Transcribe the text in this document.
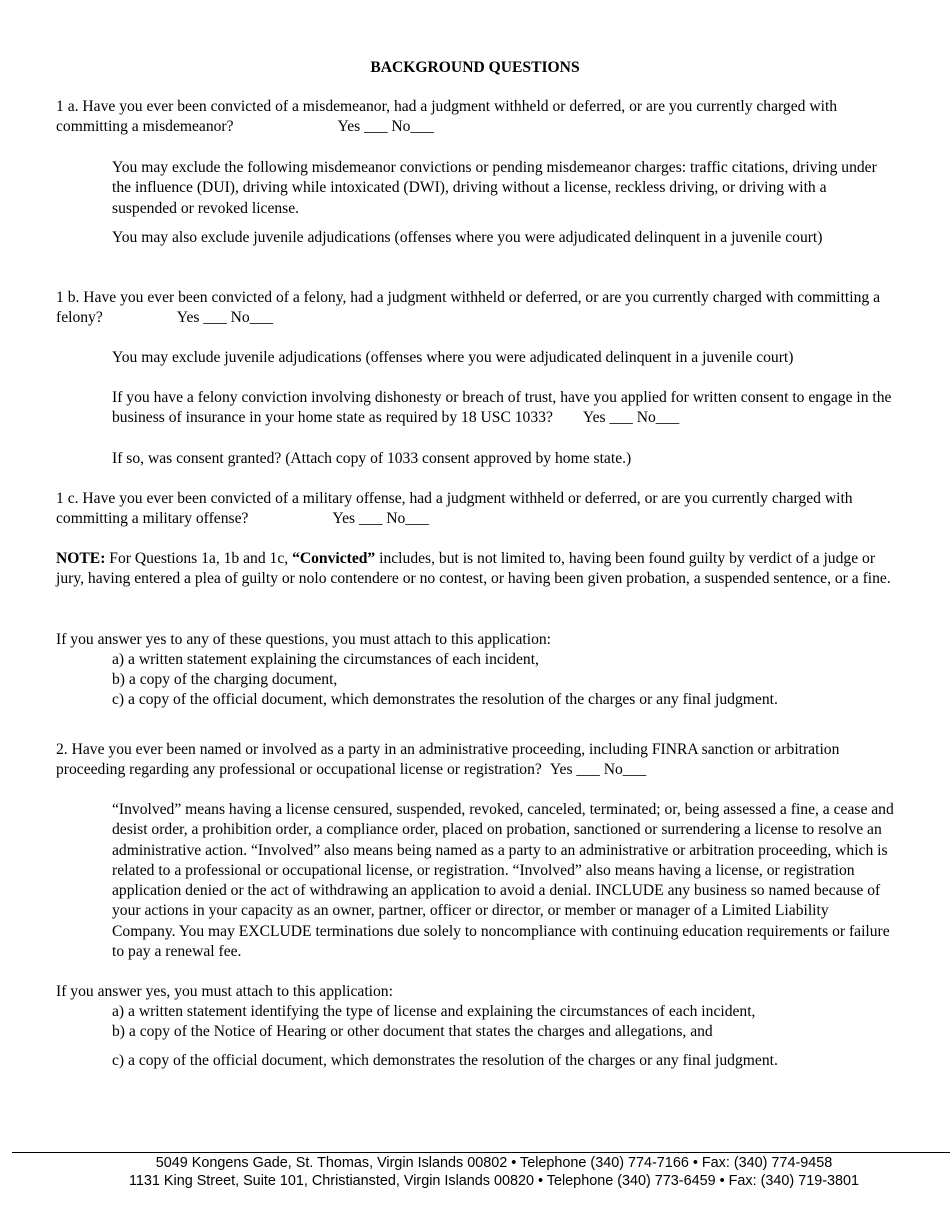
BACKGROUND QUESTIONS
1 a. Have you ever been convicted of a misdemeanor, had a judgment withheld or deferred, or are you currently charged with committing a misdemeanor?	Yes ___ No___
You may exclude the following misdemeanor convictions or pending misdemeanor charges: traffic citations, driving under the influence (DUI), driving while intoxicated (DWI), driving without a license, reckless driving, or driving with a suspended or revoked license.
You may also exclude juvenile adjudications (offenses where you were adjudicated delinquent in a juvenile court)
1 b. Have you ever been convicted of a felony, had a judgment withheld or deferred, or are you currently charged with committing a felony?	Yes ___ No___
You may exclude juvenile adjudications (offenses where you were adjudicated delinquent in a juvenile court)
If you have a felony conviction involving dishonesty or breach of trust, have you applied for written consent to engage in the business of insurance in your home state as required by 18 USC 1033? Yes ___ No___
If so, was consent granted? (Attach copy of 1033 consent approved by home state.)
1 c. Have you ever been convicted of a military offense, had a judgment withheld or deferred, or are you currently charged with committing a military offense?	Yes ___ No___
NOTE: For Questions 1a, 1b and 1c, “Convicted” includes, but is not limited to, having been found guilty by verdict of a judge or jury, having entered a plea of guilty or nolo contendere or no contest, or having been given probation, a suspended sentence, or a fine.
If you answer yes to any of these questions, you must attach to this application:
a) a written statement explaining the circumstances of each incident,
b) a copy of the charging document,
c) a copy of the official document, which demonstrates the resolution of the charges or any final judgment.
2. Have you ever been named or involved as a party in an administrative proceeding, including FINRA sanction or arbitration proceeding regarding any professional or occupational license or registration? Yes ___ No___
“Involved” means having a license censured, suspended, revoked, canceled, terminated; or, being assessed a fine, a cease and desist order, a prohibition order, a compliance order, placed on probation, sanctioned or surrendering a license to resolve an administrative action. “Involved” also means being named as a party to an administrative or arbitration proceeding, which is related to a professional or occupational license, or registration. “Involved” also means having a license, or registration application denied or the act of withdrawing an application to avoid a denial. INCLUDE any business so named because of your actions in your capacity as an owner, partner, officer or director, or member or manager of a Limited Liability Company. You may EXCLUDE terminations due solely to noncompliance with continuing education requirements or failure to pay a renewal fee.
If you answer yes, you must attach to this application:
a) a written statement identifying the type of license and explaining the circumstances of each incident,
b) a copy of the Notice of Hearing or other document that states the charges and allegations, and
c) a copy of the official document, which demonstrates the resolution of the charges or any final judgment.
5049 Kongens Gade, St. Thomas, Virgin Islands 00802 • Telephone (340) 774-7166 • Fax: (340) 774-9458
1131 King Street, Suite 101, Christiansted, Virgin Islands 00820 • Telephone (340) 773-6459 • Fax: (340) 719-3801
